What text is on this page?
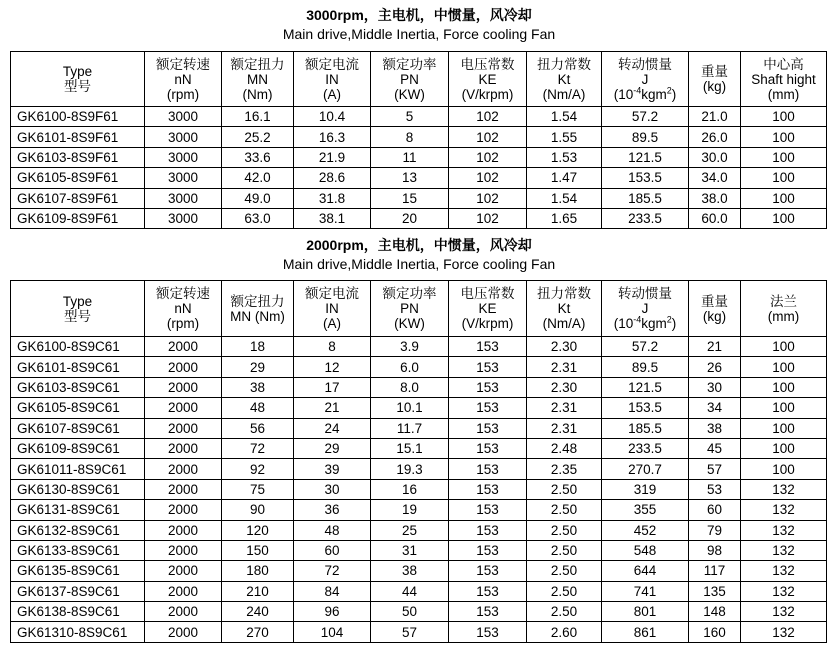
3000rpm，主电机，中惯量，风冷却
Main drive,Middle Inertia, Force cooling Fan
Type
型号	额定转速
nN
(rpm)	额定扭力
MN
(Nm)	额定电流
IN
(A)	额定功率
PN
(KW)	电压常数
KE
(V/krpm)	扭力常数
Kt
(Nm/A)	转动惯量
J
$(10^{-4}kgm^2)$	重量
(kg)	中心高
Shaft hight
(mm)
GK6100-8S9F61	3000	16.1	10.4	5	102	1.54	57.2	21.0	100
GK6101-8S9F61	3000	25.2	16.3	8	102	1.55	89.5	26.0	100
GK6103-8S9F61	3000	33.6	21.9	11	102	1.53	121.5	30.0	100
GK6105-8S9F61	3000	42.0	28.6	13	102	1.47	153.5	34.0	100
GK6107-8S9F61	3000	49.0	31.8	15	102	1.54	185.5	38.0	100
GK6109-8S9F61	3000	63.0	38.1	20	102	1.65	233.5	60.0	100
2000rpm，主电机，中惯量，风冷却
Main drive,Middle Inertia, Force cooling Fan
Type
型号	额定转速
nN
(rpm)	额定扭力
MN (Nm)	额定电流
IN
(A)	额定功率
PN
(KW)	电压常数
KE
(V/krpm)	扭力常数
Kt
(Nm/A)	转动惯量
J
$(10^{-4}kgm^2)$	重量
(kg)	法兰
(mm)
GK6100-8S9C61	2000	18	8	3.9	153	2.30	57.2	21	100
GK6101-8S9C61	2000	29	12	6.0	153	2.31	89.5	26	100
GK6103-8S9C61	2000	38	17	8.0	153	2.30	121.5	30	100
GK6105-8S9C61	2000	48	21	10.1	153	2.31	153.5	34	100
GK6107-8S9C61	2000	56	24	11.7	153	2.31	185.5	38	100
GK6109-8S9C61	2000	72	29	15.1	153	2.48	233.5	45	100
GK61011-8S9C61	2000	92	39	19.3	153	2.35	270.7	57	100
GK6130-8S9C61	2000	75	30	16	153	2.50	319	53	132
GK6131-8S9C61	2000	90	36	19	153	2.50	355	60	132
GK6132-8S9C61	2000	120	48	25	153	2.50	452	79	132
GK6133-8S9C61	2000	150	60	31	153	2.50	548	98	132
GK6135-8S9C61	2000	180	72	38	153	2.50	644	117	132
GK6137-8S9C61	2000	210	84	44	153	2.50	741	135	132
GK6138-8S9C61	2000	240	96	50	153	2.50	801	148	132
GK61310-8S9C61	2000	270	104	57	153	2.60	861	160	132
